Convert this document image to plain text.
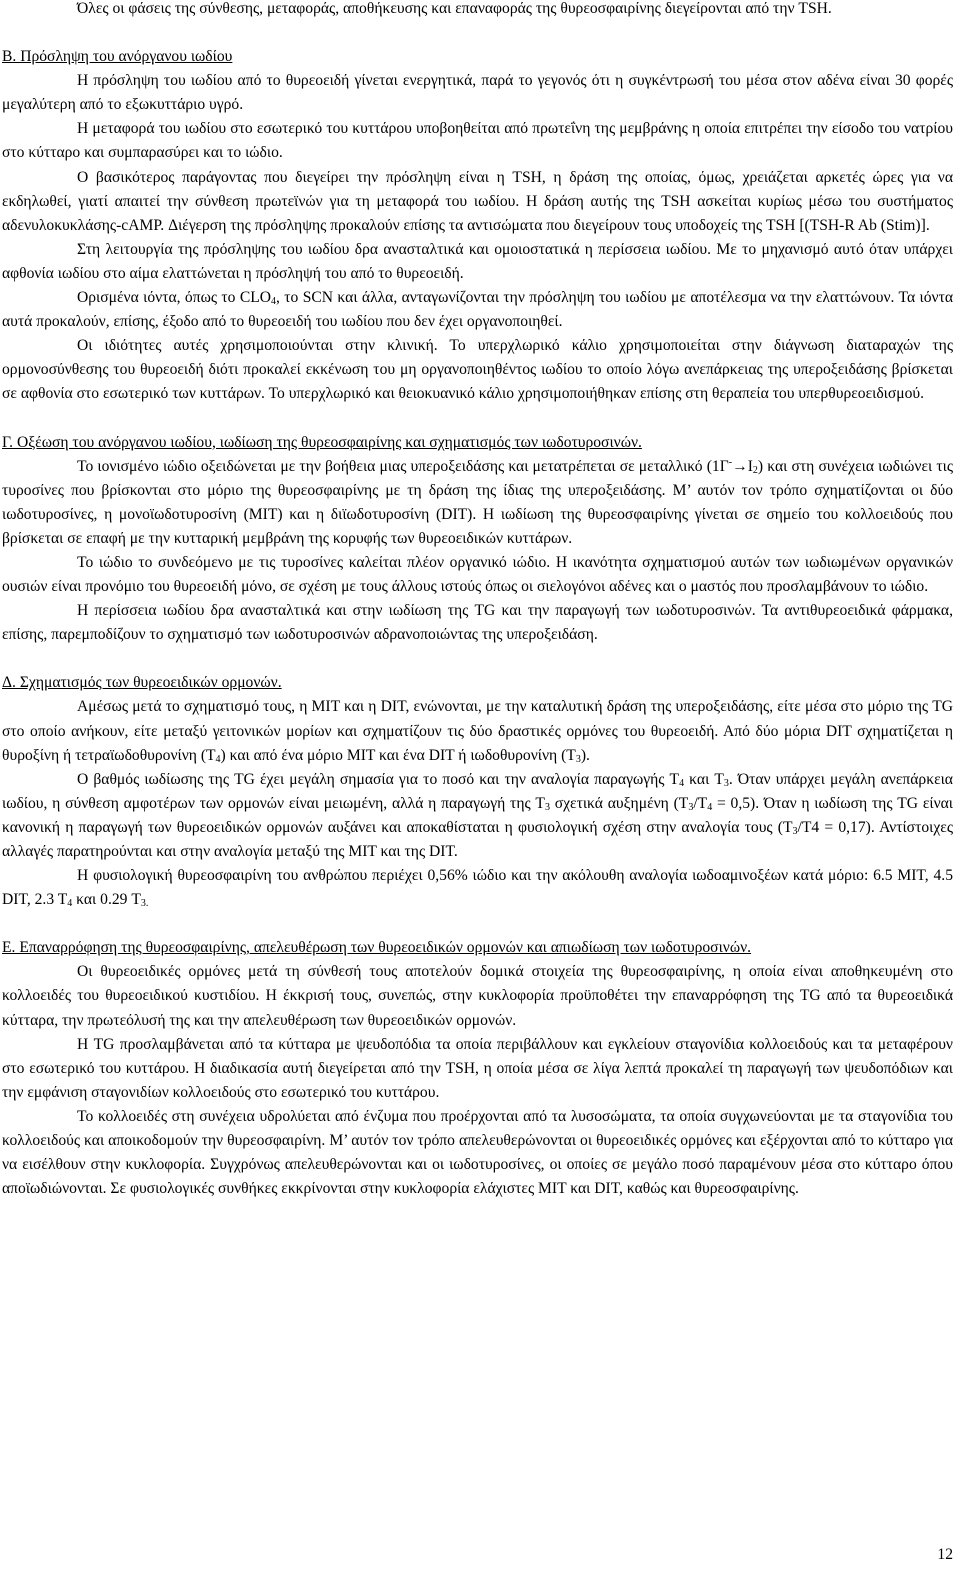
Όλες οι φάσεις της σύνθεσης, μεταφοράς, αποθήκευσης και επαναφοράς της θυρεοσφαιρίνης διεγείρονται από την TSH.

Β. Πρόσληψη του ανόργανου ιωδίου

Η πρόσληψη του ιωδίου από το θυρεοειδή γίνεται ενεργητικά, παρά το γεγονός ότι η συγκέντρωσή του μέσα στον αδένα είναι 30 φορές μεγαλύτερη από το εξωκυττάριο υγρό.

Η μεταφορά του ιωδίου στο εσωτερικό του κυττάρου υποβοηθείται από πρωτεΐνη της μεμβράνης η οποία επιτρέπει την είσοδο του νατρίου στο κύτταρο και συμπαρασύρει και το ιώδιο.

Ο βασικότερος παράγοντας που διεγείρει την πρόσληψη είναι η TSH, η δράση της οποίας, όμως, χρειάζεται αρκετές ώρες για να εκδηλωθεί, γιατί απαιτεί την σύνθεση πρωτεϊνών για τη μεταφορά του ιωδίου. Η δράση αυτής της TSH ασκείται κυρίως μέσω του συστήματος αδενυλοκυκλάσης-cAMP. Διέγερση της πρόσληψης προκαλούν επίσης τα αντισώματα που διεγείρουν τους υποδοχείς της TSH [(TSH-R Ab (Stim)].

Στη λειτουργία της πρόσληψης του ιωδίου δρα ανασταλτικά και ομοιοστατικά η περίσσεια ιωδίου. Με το μηχανισμό αυτό όταν υπάρχει αφθονία ιωδίου στο αίμα ελαττώνεται η πρόσληψή του από το θυρεοειδή.

Ορισμένα ιόντα, όπως το $CLO_4$, το SCN και άλλα, ανταγωνίζονται την πρόσληψη του ιωδίου με αποτέλεσμα να την ελαττώνουν. Τα ιόντα αυτά προκαλούν, επίσης, έξοδο από το θυρεοειδή του ιωδίου που δεν έχει οργανοποιηθεί.

Οι ιδιότητες αυτές χρησιμοποιούνται στην κλινική. Το υπερχλωρικό κάλιο χρησιμοποιείται στην διάγνωση διαταραχών της ορμονοσύνθεσης του θυρεοειδή διότι προκαλεί εκκένωση του μη οργανοποιηθέντος ιωδίου το οποίο λόγω ανεπάρκειας της υπεροξειδάσης βρίσκεται σε αφθονία στο εσωτερικό των κυττάρων. Το υπερχλωρικό και θειοκυανικό κάλιο χρησιμοποιήθηκαν επίσης στη θεραπεία του υπερθυρεοειδισμού.

Γ. Οξέωση του ανόργανου ιωδίου, ιωδίωση της θυρεοσφαιρίνης και σχηματισμός των ιωδοτυροσινών.

Το ιονισμένο ιώδιο οξειδώνεται με την βοήθεια μιας υπεροξειδάσης και μετατρέπεται σε μεταλλικό $(1\Gamma^-\to I_2)$ και στη συνέχεια ιωδιώνει τις τυροσίνες που βρίσκονται στο μόριο της θυρεοσφαιρίνης με τη δράση της ίδιας της υπεροξειδάσης. Μ’ αυτόν τον τρόπο σχηματίζονται οι δύο ιωδοτυροσίνες, η μονοϊωδοτυροσίνη (MIT) και η διϊωδοτυροσίνη (DIT). Η ιωδίωση της θυρεοσφαιρίνης γίνεται σε σημείο του κολλοειδούς που βρίσκεται σε επαφή με την κυτταρική μεμβράνη της κορυφής των θυρεοειδικών κυττάρων.

Το ιώδιο το συνδεόμενο με τις τυροσίνες καλείται πλέον οργανικό ιώδιο. Η ικανότητα σχηματισμού αυτών των ιωδιωμένων οργανικών ουσιών είναι προνόμιο του θυρεοειδή μόνο, σε σχέση με τους άλλους ιστούς όπως οι σιελογόνοι αδένες και ο μαστός που προσλαμβάνουν το ιώδιο.

Η περίσσεια ιωδίου δρα ανασταλτικά και στην ιωδίωση της TG και την παραγωγή των ιωδοτυροσινών. Τα αντιθυρεοειδικά φάρμακα, επίσης, παρεμποδίζουν το σχηματισμό των ιωδοτυροσινών αδρανοποιώντας της υπεροξειδάση.

Δ. Σχηματισμός των θυρεοειδικών ορμονών.

Αμέσως μετά το σχηματισμό τους, η MIT και η DIT, ενώνονται, με την καταλυτική δράση της υπεροξειδάσης, είτε μέσα στο μόριο της TG στο οποίο ανήκουν, είτε μεταξύ γειτονικών μορίων και σχηματίζουν τις δύο δραστικές ορμόνες του θυρεοειδή. Από δύο μόρια DIT σχηματίζεται η θυροξίνη ή τετραϊωδοθυρονίνη $(T_4)$ και από ένα μόριο MIT και ένα DIT ή ιωδοθυρονίνη $(T_3)$.

Ο βαθμός ιωδίωσης της TG έχει μεγάλη σημασία για το ποσό και την αναλογία παραγωγής $T_4$ και $T_3$. Όταν υπάρχει μεγάλη ανεπάρκεια ιωδίου, η σύνθεση αμφοτέρων των ορμονών είναι μειωμένη, αλλά η παραγωγή της $T_3$ σχετικά αυξημένη $(T_3/T_4 = 0,5)$. Όταν η ιωδίωση της TG είναι κανονική η παραγωγή των θυρεοειδικών ορμονών αυξάνει και αποκαθίσταται η φυσιολογική σχέση στην αναλογία τους $(T_3/T4 = 0,17)$. Αντίστοιχες αλλαγές παρατηρούνται και στην αναλογία μεταξύ της MIT και της DIT.

Η φυσιολογική θυρεοσφαιρίνη του ανθρώπου περιέχει 0,56% ιώδιο και την ακόλουθη αναλογία ιωδοαμινοξέων κατά μόριο: 6.5 MIT, 4.5 DIT, 2.3 $T_4$ και 0.29 $T_{3.}$

Ε. Επαναρρόφηση της θυρεοσφαιρίνης, απελευθέρωση των θυρεοειδικών ορμονών και απιωδίωση των ιωδοτυροσινών.

Οι θυρεοειδικές ορμόνες μετά τη σύνθεσή τους αποτελούν δομικά στοιχεία της θυρεοσφαιρίνης, η οποία είναι αποθηκευμένη στο κολλοειδές του θυρεοειδικού κυστιδίου. Η έκκρισή τους, συνεπώς, στην κυκλοφορία προϋποθέτει την επαναρρόφηση της TG από τα θυρεοειδικά κύτταρα, την πρωτεόλυσή της και την απελευθέρωση των θυρεοειδικών ορμονών.

Η TG προσλαμβάνεται από τα κύτταρα με ψευδοπόδια τα οποία περιβάλλουν και εγκλείουν σταγονίδια κολλοειδούς και τα μεταφέρουν στο εσωτερικό του κυττάρου. Η διαδικασία αυτή διεγείρεται από την TSH, η οποία μέσα σε λίγα λεπτά προκαλεί τη παραγωγή των ψευδοπόδιων και την εμφάνιση σταγονιδίων κολλοειδούς στο εσωτερικό του κυττάρου.

Το κολλοειδές στη συνέχεια υδρολύεται από ένζυμα που προέρχονται από τα λυσοσώματα, τα οποία συγχωνεύονται με τα σταγονίδια του κολλοειδούς και αποικοδομούν την θυρεοσφαιρίνη. Μ’ αυτόν τον τρόπο απελευθερώνονται οι θυρεοειδικές ορμόνες και εξέρχονται από το κύτταρο για να εισέλθουν στην κυκλοφορία. Συγχρόνως απελευθερώνονται και οι ιωδοτυροσίνες, οι οποίες σε μεγάλο ποσό παραμένουν μέσα στο κύτταρο όπου αποϊωδιώνονται. Σε φυσιολογικές συνθήκες εκκρίνονται στην κυκλοφορία ελάχιστες MIT και DIT, καθώς και θυρεοσφαιρίνης.

12
